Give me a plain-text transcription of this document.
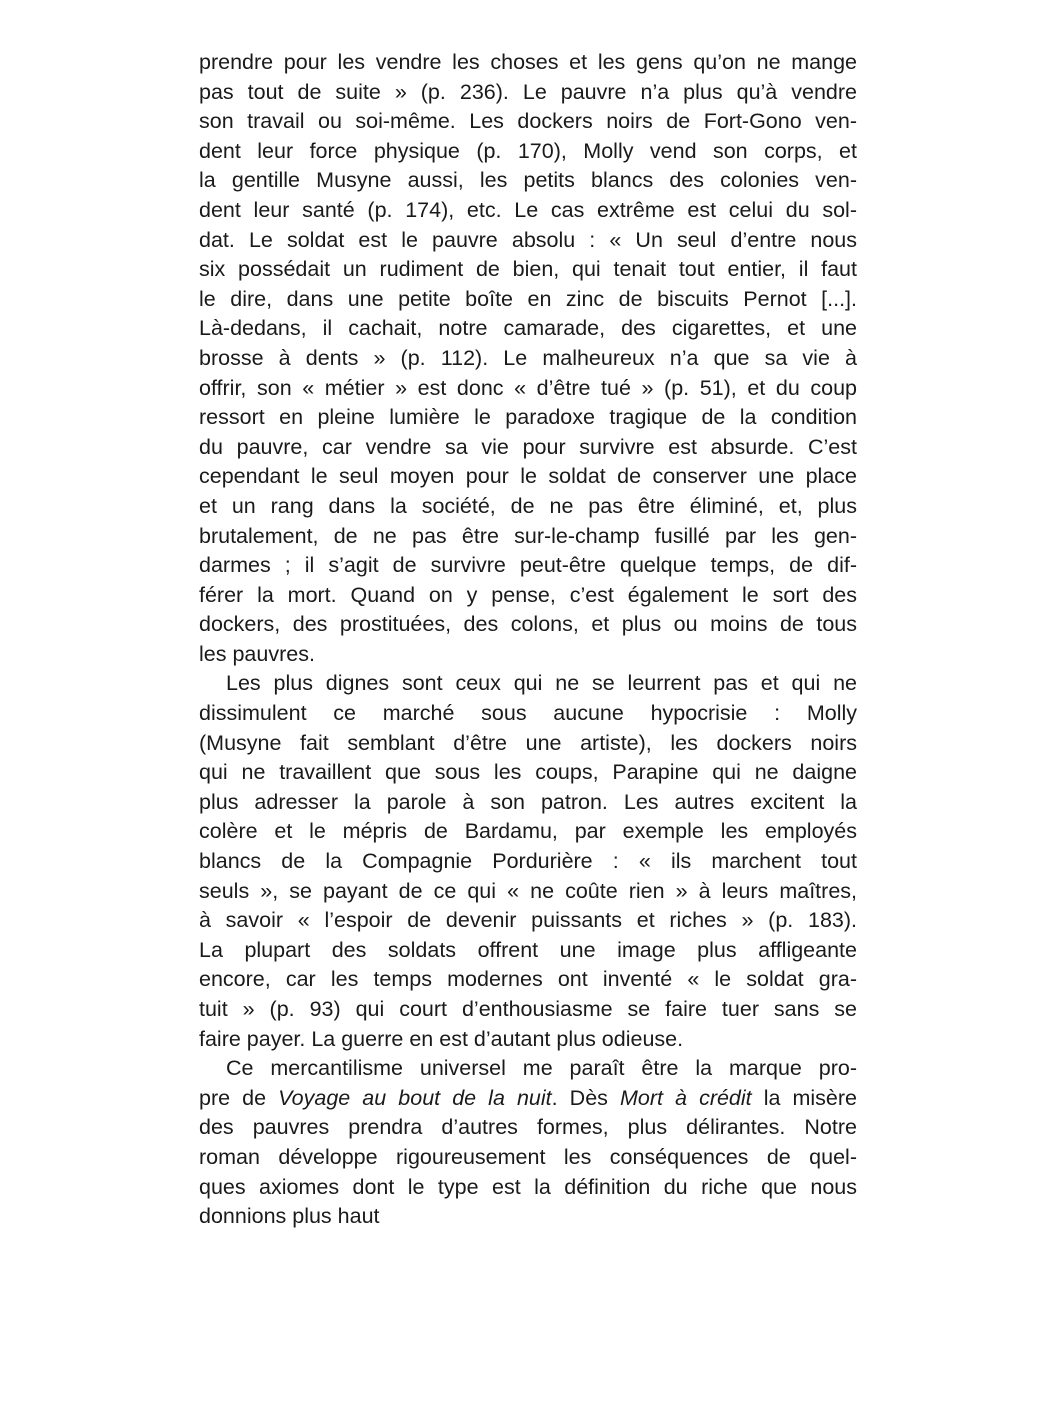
prendre pour les vendre les choses et les gens qu’on ne mange
pas tout de suite » (p. 236). Le pauvre n’a plus qu’à vendre
son travail ou soi-même. Les dockers noirs de Fort-Gono ven-
dent leur force physique (p. 170), Molly vend son corps, et
la gentille Musyne aussi, les petits blancs des colonies ven-
dent leur santé (p. 174), etc. Le cas extrême est celui du sol-
dat. Le soldat est le pauvre absolu : « Un seul d’entre nous
six possédait un rudiment de bien, qui tenait tout entier, il faut
le dire, dans une petite boîte en zinc de biscuits Pernot [...].
Là-dedans, il cachait, notre camarade, des cigarettes, et une
brosse à dents » (p. 112). Le malheureux n’a que sa vie à
offrir, son « métier » est donc « d’être tué » (p. 51), et du coup
ressort en pleine lumière le paradoxe tragique de la condition
du pauvre, car vendre sa vie pour survivre est absurde. C’est
cependant le seul moyen pour le soldat de conserver une place
et un rang dans la société, de ne pas être éliminé, et, plus
brutalement, de ne pas être sur-le-champ fusillé par les gen-
darmes ; il s’agit de survivre peut-être quelque temps, de dif-
férer la mort. Quand on y pense, c’est également le sort des
dockers, des prostituées, des colons, et plus ou moins de tous
les pauvres.
Les plus dignes sont ceux qui ne se leurrent pas et qui ne
dissimulent ce marché sous aucune hypocrisie : Molly
(Musyne fait semblant d’être une artiste), les dockers noirs
qui ne travaillent que sous les coups, Parapine qui ne daigne
plus adresser la parole à son patron. Les autres excitent la
colère et le mépris de Bardamu, par exemple les employés
blancs de la Compagnie Pordurière : « ils marchent tout
seuls », se payant de ce qui « ne coûte rien » à leurs maîtres,
à savoir « l’espoir de devenir puissants et riches » (p. 183).
La plupart des soldats offrent une image plus affligeante
encore, car les temps modernes ont inventé « le soldat gra-
tuit » (p. 93) qui court d’enthousiasme se faire tuer sans se
faire payer. La guerre en est d’autant plus odieuse.
Ce mercantilisme universel me paraît être la marque pro-
pre de Voyage au bout de la nuit. Dès Mort à crédit la misère
des pauvres prendra d’autres formes, plus délirantes. Notre
roman développe rigoureusement les conséquences de quel-
ques axiomes dont le type est la définition du riche que nous
donnions plus haut
